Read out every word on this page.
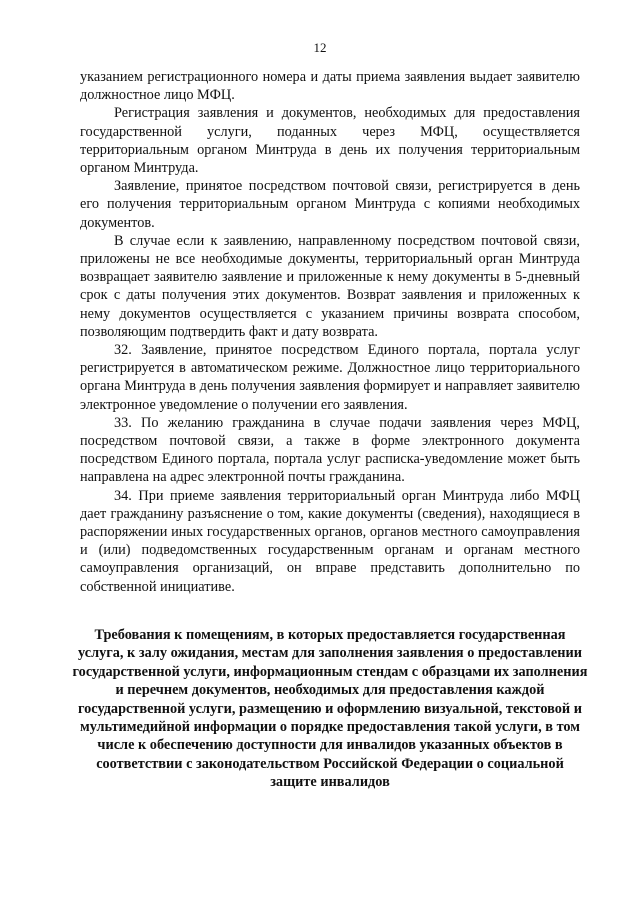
12

указанием регистрационного номера и даты приема заявления выдает заявителю должностное лицо МФЦ.

Регистрация заявления и документов, необходимых для предоставления государственной услуги, поданных через МФЦ, осуществляется территориальным органом Минтруда в день их получения территориальным органом Минтруда.

Заявление, принятое посредством почтовой связи, регистрируется в день его получения территориальным органом Минтруда с копиями необходимых документов.

В случае если к заявлению, направленному посредством почтовой связи, приложены не все необходимые документы, территориальный орган Минтруда возвращает заявителю заявление и приложенные к нему документы в 5-дневный срок с даты получения этих документов. Возврат заявления и приложенных к нему документов осуществляется с указанием причины возврата способом, позволяющим подтвердить факт и дату возврата.

32. Заявление, принятое посредством Единого портала, портала услуг регистрируется в автоматическом режиме. Должностное лицо территориального органа Минтруда в день получения заявления формирует и направляет заявителю электронное уведомление о получении его заявления.

33. По желанию гражданина в случае подачи заявления через МФЦ, посредством почтовой связи, а также в форме электронного документа посредством Единого портала, портала услуг расписка-уведомление может быть направлена на адрес электронной почты гражданина.

34. При приеме заявления территориальный орган Минтруда либо МФЦ дает гражданину разъяснение о том, какие документы (сведения), находящиеся в распоряжении иных государственных органов, органов местного самоуправления и (или) подведомственных государственным органам и органам местного самоуправления организаций, он вправе представить дополнительно по собственной инициативе.

Требования к помещениям, в которых предоставляется государственная услуга, к залу ожидания, местам для заполнения заявления о предоставлении государственной услуги, информационным стендам с образцами их заполнения и перечнем документов, необходимых для предоставления каждой государственной услуги, размещению и оформлению визуальной, текстовой и мультимедийной информации о порядке предоставления такой услуги, в том числе к обеспечению доступности для инвалидов указанных объектов в соответствии с законодательством Российской Федерации о социальной защите инвалидов
